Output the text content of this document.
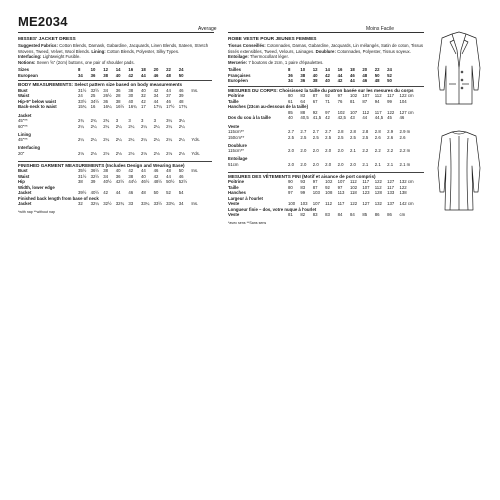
ME2034	Average	Moins Facile
MISSES' JACKET DRESS

Suggested Fabrics: Cotton Blends, Damask, Gabardine, Jacquards, Linen Blends, Sateen, Stretch Wovens, Tweed, Velvet, Wool Blends. Lining: Cotton Blends, Polyester, Silky Types.

Interfacing: Lightweight Fusible.

Notions: Seven ⅝" (2cm) buttons, one pair of shoulder pads.

Sizes	8	10	12	14	16	18	20	22	24
European	34	36	38	40	42	44	46	48	50
BODY MEASUREMENTS: Select pattern size based on body measurements
Bust	31½ 32½ 34	36	38	40	42	44	46	Ins.
Waist	24	25	26½ 28	30	32	34	37	39
Hip-9" below waist	33½ 34½ 36	38	40	42	44	46	48
Back-neck to waist	15¾ 16	16¼ 16½ 16¾ 17	17¼ 17½ 17¾
Jacket
45"**	2¾	2¾	2¾	3	3	3	3	3¼	3¼
60"**	2¼	2¼	2¼	2¼	2¼	2¼	2¼	2¼	2¼
Lining
45"**	2¼	2¼	2¼	2¼	2¼	2¼	2¼	2¼	2¼	Yds.
Interfacing
20"	2⅛	2⅛	2⅛	2⅛	2⅛	2⅛	2⅛	2⅛	2⅛	Yds.
FINISHED GARMENT MEASUREMENTS (Includes Design and Wearing Ease)
Bust	35½ 36½ 38	40	42	44	46	48	50	Ins.
Waist	31½ 32½ 34	36	38	40	42	44	46
Hip	38	39	40½ 42½ 44½ 46½ 48½ 50½ 52½
Width, lower edge
Jacket	39½ 40½ 42	44	46	48	50	52	54
Finished back length from base of neck
Jacket	32	32¼ 32½ 32¾ 33	33¼ 33½ 33¾ 34	Ins.
*with nap **without nap
ROBE VESTE POUR JEUNES FEMMES

Tissus Conseillés: Cotonnades, Damas, Gabardine, Jacquards, Lin mélangés, Satin de coton, Tissus tissés extensibles, Tweed, Velours, Lainages. Doublure: Cotonnades, Polyester, Tissus soyeux. Entoilage: Thermocollant léger.

Mercerie: 7 boutons de 2cm, 1 paire d'épaulettes.

Tailles	8	10	12	14	16	18	20	22	24
Françaises	36	38	40	42	44	46	48	50	52
Européen	34	36	38	40	42	44	46	48	50
MESURES DU CORPS: Choisissez la taille du patron basée sur les mesures du corps
Poitrine	80	83	87	92	97	102	107	112	117	122 cm
Taille	61	64	67	71	76	81	87	94	99	104
Hanches (23cm au-dessous de la taille)
85	88	92	97	102	107	112	117	122	127 cm
Dos du cou à la taille	40	40,5 41,5 42	42,5 43	44	44,5 45	46
Veste
115cm**	2.7	2.7	2.7	2.7	2.8	2.8	2.8	2.8	2.9	2.9 m
150cm**	2.5	2.5	2.5	2.5	2.5	2.5	2.5	2.6	2.6	2.6
Doublure
115cm**	2.0	2.0	2.0	2.0	2.0	2.1	2.2	2.2	2.2	2.2 m
Entoilage
51cm	2.0	2.0	2.0	2.0	2.0	2.0	2.1	2.1	2.1	2.1 m
MESURES DES VÊTEMENTS FINI (Motif et aisance de port compris)
Poitrine	90	93	97	102	107	112	117	122	127	132 cm
Taille	80	83	87	92	97	102	107	112	117	122
Hanches	97	99	103	108	113	118	123	128	133	138
Largeur à l'ourlet
Veste	100	103	107	112	117	122	127	132	137	142 cm
Longueur finie – dos, votre nuque à l'ourlet
Veste	81	82	83	83	84	84	85	86	86	cm
*avec sens **Sans sens
